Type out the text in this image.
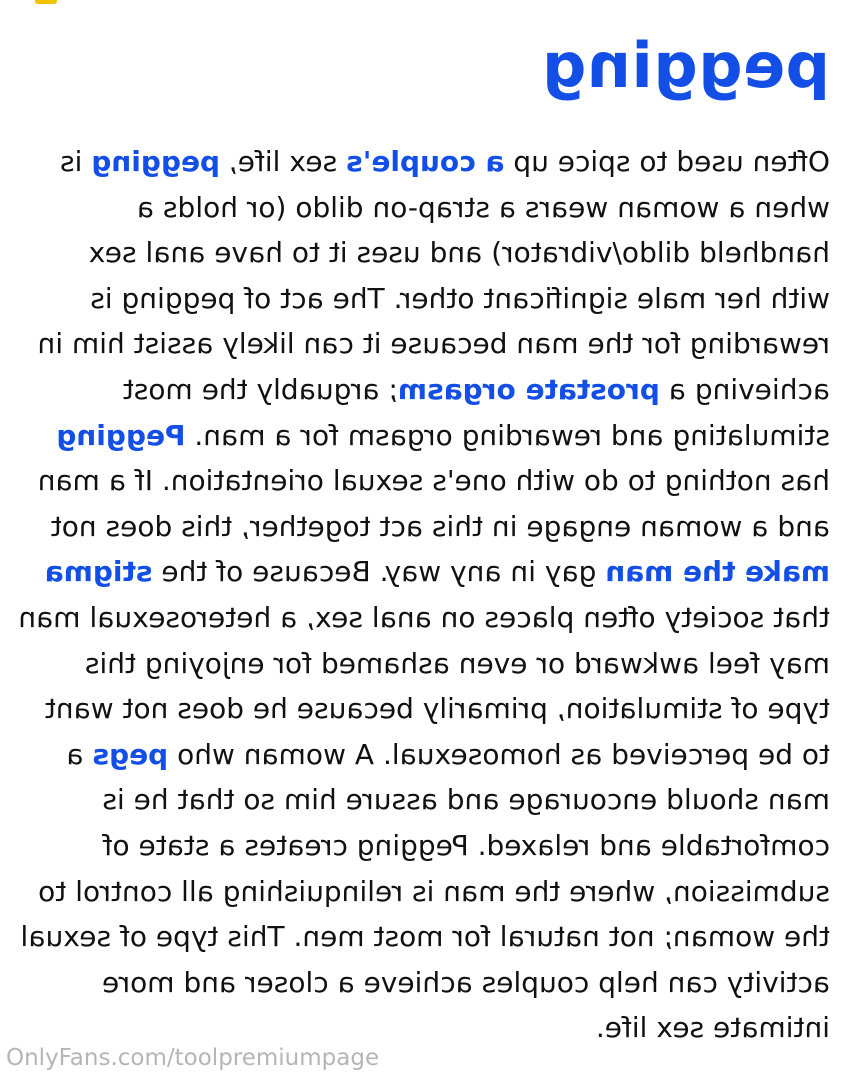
pegging
Often used to spice up a couple's sex life, pegging is
when a woman wears a strap-on dildo (or holds a
handheld dildo/vibrator) and uses it to have anal sex
with her male significant other. The act of pegging is
rewarding for the man because it can likely assist him in
achieving a prostate orgasm; arguably the most
stimulating and rewarding orgasm for a man. Pegging
has nothing to do with one's sexual orientation. If a man
and a woman engage in this act together, this does not
make the man gay in any way. Because of the stigma
that society often places on anal sex, a heterosexual man
may feel awkward or even ashamed for enjoying this
type of stimulation, primarily because he does not want
to be perceived as homosexual. A woman who pegs a
man should encourage and assure him so that he is
comfortable and relaxed. Pegging creates a state of
submission, where the man is relinquishing all control to
the woman; not natural for most men. This type of sexual
activity can help couples achieve a closer and more
intimate sex life.
OnlyFans.com/toolpremiumpage
